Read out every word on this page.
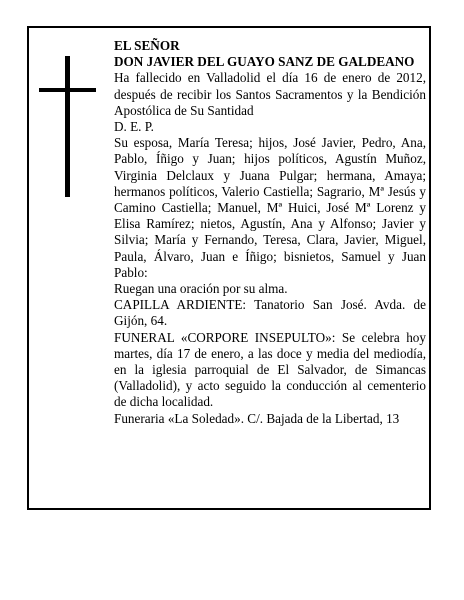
EL SEÑOR

DON JAVIER DEL GUAYO SANZ DE GALDEANO

Ha fallecido en Valladolid el día 16 de enero de 2012, después de recibir los Santos Sacramentos y la Bendición Apostólica de Su Santidad

D. E. P.

Su esposa, María Teresa; hijos, José Javier, Pedro, Ana, Pablo, Íñigo y Juan; hijos políticos, Agustín Muñoz, Virginia Delclaux y Juana Pulgar; hermana, Amaya; hermanos políticos, Valerio Castiella; Sagrario, Mª Jesús y Camino Castiella; Manuel, Mª Huici, José Mª Lorenz y Elisa Ramírez; nietos, Agustín, Ana y Alfonso; Javier y Silvia; María y Fernando, Teresa, Clara, Javier, Miguel, Paula, Álvaro, Juan e Íñigo; bisnietos, Samuel y Juan Pablo:

Ruegan una oración por su alma.

CAPILLA ARDIENTE: Tanatorio San José. Avda. de Gijón, 64.

FUNERAL «CORPORE INSEPULTO»: Se celebra hoy martes, día 17 de enero, a las doce y media del mediodía, en la iglesia parroquial de El Salvador, de Simancas (Valladolid), y acto seguido la conducción al cementerio de dicha localidad.

Funeraria «La Soledad». C/. Bajada de la Libertad, 13
